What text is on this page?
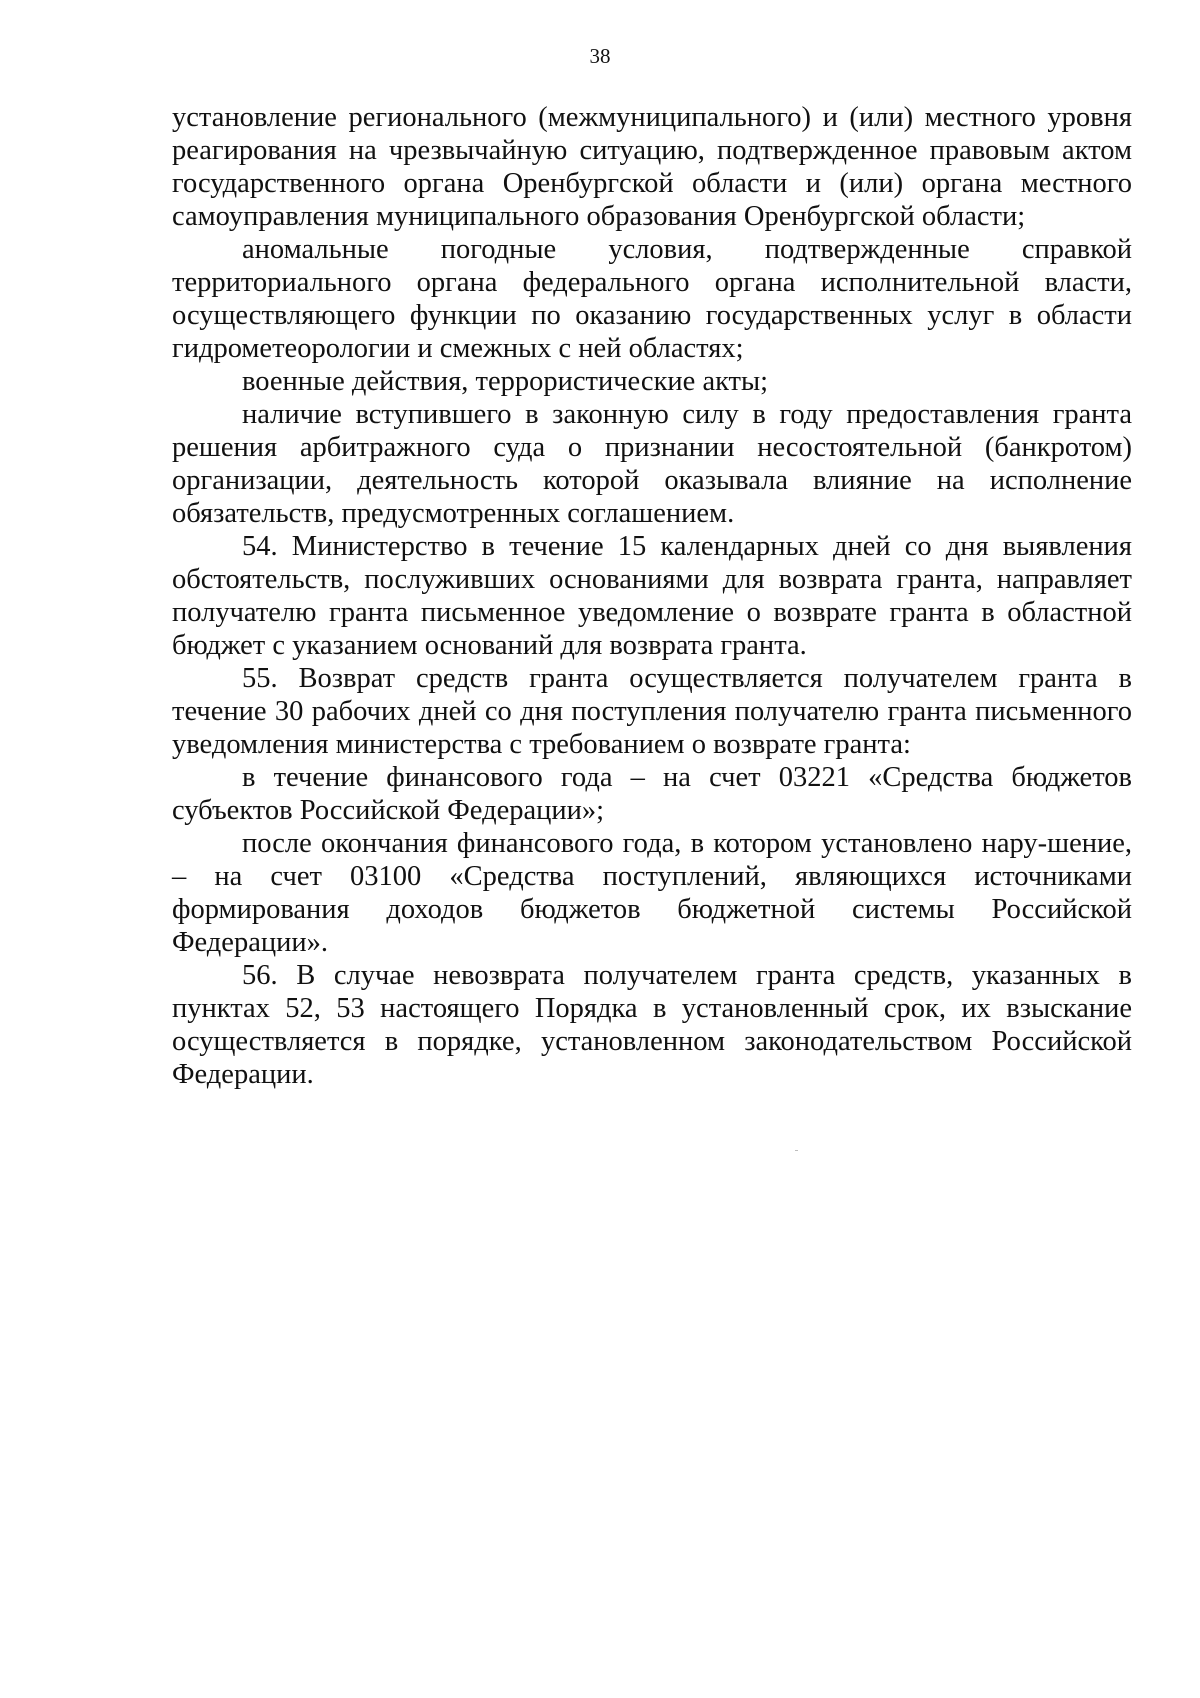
38

установление регионального (межмуниципального) и (или) местного уровня реагирования на чрезвычайную ситуацию, подтвержденное правовым актом государственного органа Оренбургской области и (или) органа местного самоуправления муниципального образования Оренбургской области;

аномальные погодные условия, подтвержденные справкой территориального органа федерального органа исполнительной власти, осуществляющего функции по оказанию государственных услуг в области гидрометеорологии и смежных с ней областях;

военные действия, террористические акты;

наличие вступившего в законную силу в году предоставления гранта решения арбитражного суда о признании несостоятельной (банкротом) организации, деятельность которой оказывала влияние на исполнение обязательств, предусмотренных соглашением.

54. Министерство в течение 15 календарных дней со дня выявления обстоятельств, послуживших основаниями для возврата гранта, направляет получателю гранта письменное уведомление о возврате гранта в областной бюджет с указанием оснований для возврата гранта.

55. Возврат средств гранта осуществляется получателем гранта в течение 30 рабочих дней со дня поступления получателю гранта письменного уведомления министерства с требованием о возврате гранта:

в течение финансового года – на счет 03221 «Средства бюджетов субъектов Российской Федерации»;

после окончания финансового года, в котором установлено нару-шение, – на счет 03100 «Средства поступлений, являющихся источниками формирования доходов бюджетов бюджетной системы Российской Федерации».

56. В случае невозврата получателем гранта средств, указанных в пунктах 52, 53 настоящего Порядка в установленный срок, их взыскание осуществляется в порядке, установленном законодательством Российской Федерации.
